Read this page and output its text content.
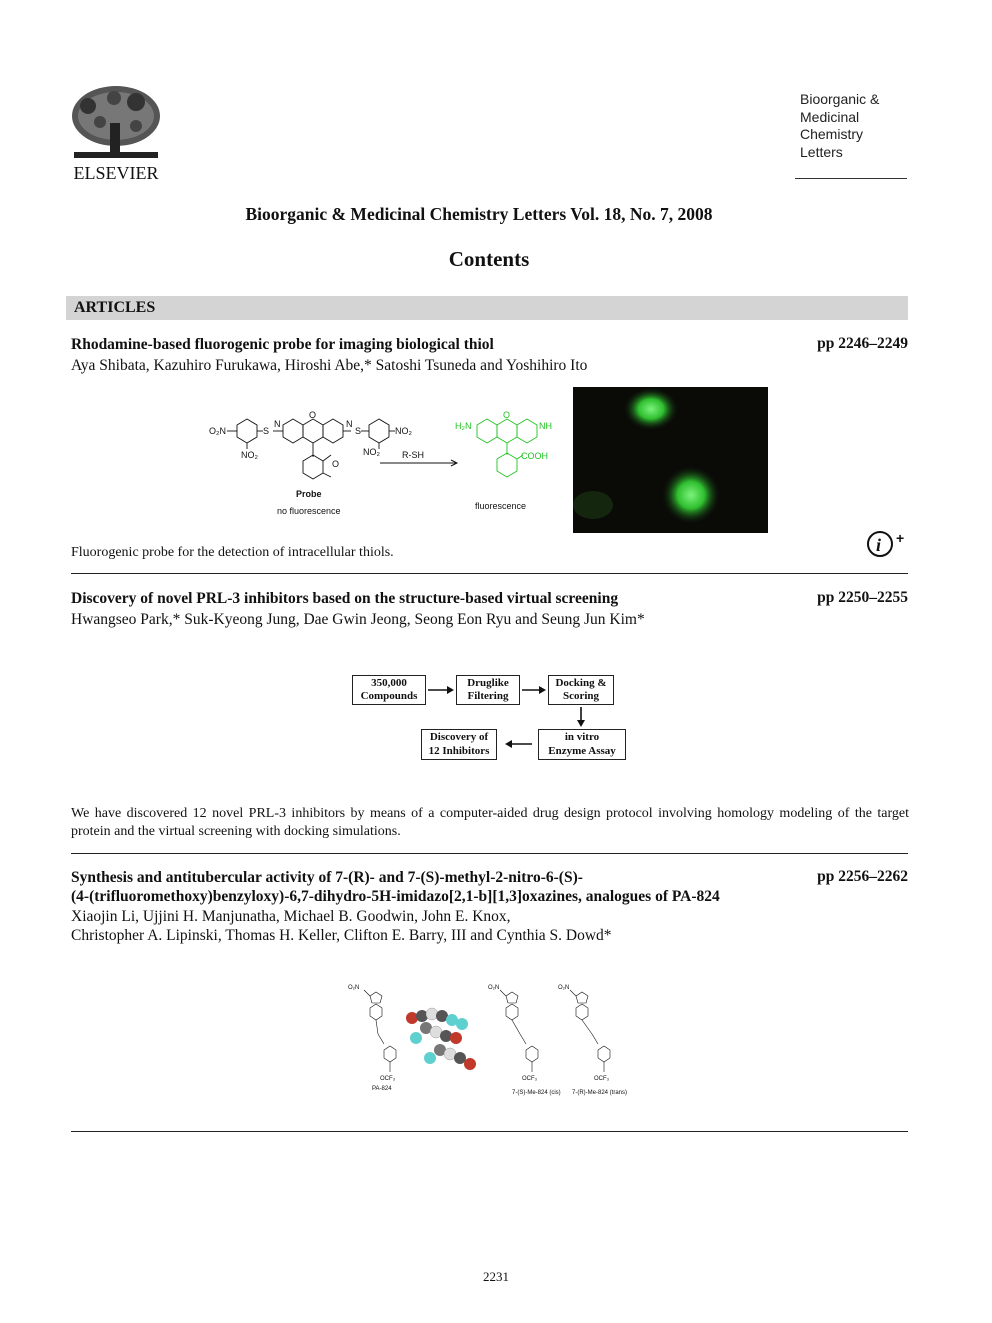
ELSEVIER
Bioorganic &
Medicinal
Chemistry
Letters
Bioorganic & Medicinal Chemistry Letters Vol. 18, No. 7, 2008
Contents
ARTICLES
Rhodamine-based fluorogenic probe for imaging biological thiol	pp 2246–2249
Aya Shibata, Kazuhiro Furukawa, Hiroshi Abe,* Satoshi Tsuneda and Yoshihiro Ito
O₂N
NO₂
S
N
O
N
S	NO₂
NO₂
O
Probe
no fluorescence
R-SH
fluorescence
H₂N	NH
O
COOH
i +
Fluorogenic probe for the detection of intracellular thiols.
Discovery of novel PRL-3 inhibitors based on the structure-based virtual screening	pp 2250–2255
Hwangseo Park,* Suk-Kyeong Jung, Dae Gwin Jeong, Seong Eon Ryu and Seung Jun Kim*
350,000
Compounds
Druglike
Filtering
Docking &
Scoring
in vitro
Enzyme Assay
Discovery of
12 Inhibitors
We have discovered 12 novel PRL-3 inhibitors by means of a computer-aided drug design protocol involving homology modeling of the target protein and the virtual screening with docking simulations.
Synthesis and antitubercular activity of 7-(R)- and 7-(S)-methyl-2-nitro-6-(S)-
(4-(trifluoromethoxy)benzyloxy)-6,7-dihydro-5H-imidazo[2,1-b][1,3]oxazines, analogues of PA-824
pp 2256–2262
Xiaojin Li, Ujjini H. Manjunatha, Michael B. Goodwin, John E. Knox,
Christopher A. Lipinski, Thomas H. Keller, Clifton E. Barry, III and Cynthia S. Dowd*
O₂N
OCF₃
O₂N
OCF₃
O₂N
OCF₃
PA-824
7-(S)-Me-824 (cis) 7-(R)-Me-824 (trans)
2231
